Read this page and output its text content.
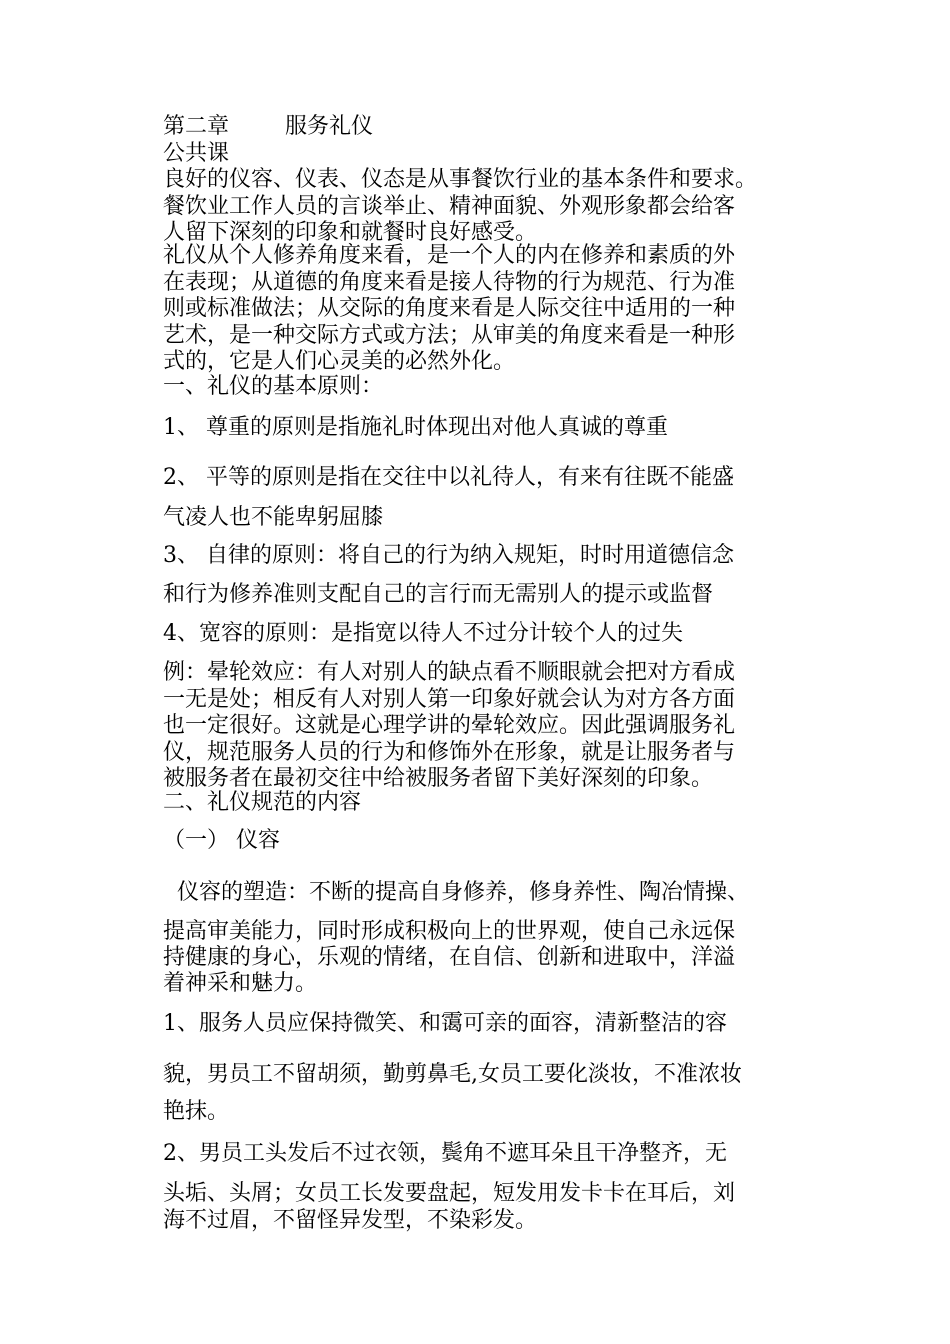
第二章	服务礼仪

公共课

良好的仪容、仪表、仪态是从事餐饮行业的基本条件和要求。

餐饮业工作人员的言谈举止、精神面貌、外观形象都会给客

人留下深刻的印象和就餐时良好感受。

礼仪从个人修养角度来看，是一个人的内在修养和素质的外

在表现；从道德的角度来看是接人待物的行为规范、行为准

则或标准做法；从交际的角度来看是人际交往中适用的一种

艺术，是一种交际方式或方法；从审美的角度来看是一种形

式的，它是人们心灵美的必然外化。

一、礼仪的基本原则：

1、 尊重的原则是指施礼时体现出对他人真诚的尊重

2、 平等的原则是指在交往中以礼待人，有来有往既不能盛

气凌人也不能卑躬屈膝

3、 自律的原则：将自己的行为纳入规矩，时时用道德信念

和行为修养准则支配自己的言行而无需别人的提示或监督

4、宽容的原则：是指宽以待人不过分计较个人的过失

例：晕轮效应：有人对别人的缺点看不顺眼就会把对方看成

一无是处；相反有人对别人第一印象好就会认为对方各方面

也一定很好。这就是心理学讲的晕轮效应。因此强调服务礼

仪，规范服务人员的行为和修饰外在形象，就是让服务者与

被服务者在最初交往中给被服务者留下美好深刻的印象。

二、礼仪规范的内容

（一） 仪容

仪容的塑造：不断的提高自身修养，修身养性、陶冶情操、

提高审美能力，同时形成积极向上的世界观，使自己永远保

持健康的身心，乐观的情绪，在自信、创新和进取中，洋溢

着神采和魅力。

1、服务人员应保持微笑、和霭可亲的面容，清新整洁的容

貌，男员工不留胡须，勤剪鼻毛,女员工要化淡妆，不准浓妆

艳抹。

2、男员工头发后不过衣领，鬓角不遮耳朵且干净整齐，无

头垢、头屑；女员工长发要盘起，短发用发卡卡在耳后，刘

海不过眉，不留怪异发型，不染彩发。
